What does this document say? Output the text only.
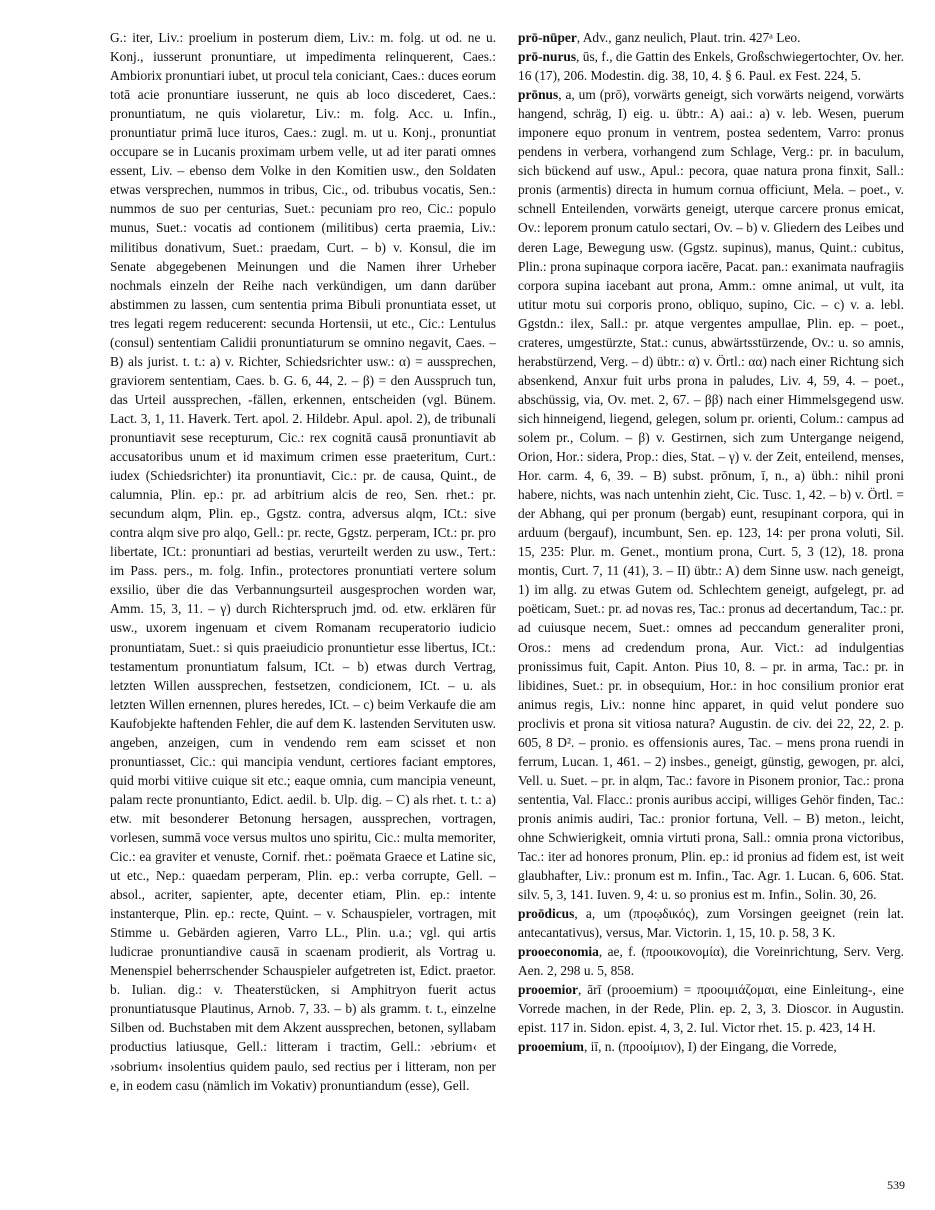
G.: iter, Liv.: proelium in posterum diem, Liv.: m. folg. ut od. ne u. Konj., iusserunt pronuntiare, ut impedimenta relinquerent, Caes.: Ambiorix pronuntiari iubet, ut procul tela coniciant, Caes.: duces eorum totā acie pronuntiare iusserunt, ne quis ab loco discederet, Caes.: pronuntiatum, ne quis violaretur, Liv.: m. folg. Acc. u. Infin., pronuntiatur primā luce ituros, Caes.: zugl. m. ut u. Konj., pronuntiat occupare se in Lucanis proximam urbem velle, ut ad iter parati omnes essent, Liv. – ebenso dem Volke in den Komitien usw., den Soldaten etwas versprechen, nummos in tribus, Cic., od. tribubus vocatis, Sen.: nummos de suo per centurias, Suet.: pecuniam pro reo, Cic.: populo munus, Suet.: vocatis ad contionem (militibus) certa praemia, Liv.: militibus donativum, Suet.: praedam, Curt. – b) v. Konsul, die im Senate abgegebenen Meinungen und die Namen ihrer Urheber nochmals einzeln der Reihe nach verkündigen, um dann darüber abstimmen zu lassen, cum sententia prima Bibuli pronuntiata esset, ut tres legati regem reducerent: secunda Hortensii, ut etc., Cic.: Lentulus (consul) sententiam Calidii pronuntiaturum se omnino negavit, Caes. – B) als jurist. t. t.: a) v. Richter, Schiedsrichter usw.: α) = aussprechen, graviorem sententiam, Caes. b. G. 6, 44, 2. – β) = den Ausspruch tun, das Urteil aussprechen, -fällen, erkennen, entscheiden (vgl. Bünem. Lact. 3, 1, 11. Haverk. Tert. apol. 2. Hildebr. Apul. apol. 2), de tribunali pronuntiavit sese recepturum, Cic.: rex cognitā causā pronuntiavit ab accusatoribus unum et id maximum crimen esse praeteritum, Curt.: iudex (Schiedsrichter) ita pronuntiavit, Cic.: pr. de causa, Quint., de calumnia, Plin. ep.: pr. ad arbitrium alcis de reo, Sen. rhet.: pr. secundum alqm, Plin. ep., Ggstz. contra, adversus alqm, ICt.: sive contra alqm sive pro alqo, Gell.: pr. recte, Ggstz. perperam, ICt.: pr. pro libertate, ICt.: pronuntiari ad bestias, verurteilt werden zu usw., Tert.: im Pass. pers., m. folg. Infin., protectores pronuntiati vertere solum exsilio, über die das Verbannungsurteil ausgesprochen worden war, Amm. 15, 3, 11. – γ) durch Richterspruch jmd. od. etw. erklären für usw., uxorem ingenuam et civem Romanam recuperatorio iudicio pronuntiatam, Suet.: si quis praeiudicio pronuntietur esse libertus, ICt.: testamentum pronuntiatum falsum, ICt. – b) etwas durch Vertrag, letzten Willen aussprechen, festsetzen, condicionem, ICt. – u. als letzten Willen ernennen, plures heredes, ICt. – c) beim Verkaufe die am Kaufobjekte haftenden Fehler, die auf dem K. lastenden Servituten usw. angeben, anzeigen, cum in vendendo rem eam scisset et non pronuntiasset, Cic.: qui mancipia vendunt, certiores faciant emptores, quid morbi vitiive cuique sit etc.; eaque omnia, cum mancipia veneunt, palam recte pronuntianto, Edict. aedil. b. Ulp. dig. – C) als rhet. t. t.: a) etw. mit besonderer Betonung hersagen, aussprechen, vortragen, vorlesen, summā voce versus multos uno spiritu, Cic.: multa memoriter, Cic.: ea graviter et venuste, Cornif. rhet.: poëmata Graece et Latine sic, ut etc., Nep.: quaedam perperam, Plin. ep.: verba corrupte, Gell. – absol., acriter, sapienter, apte, decenter etiam, Plin. ep.: intente instanterque, Plin. ep.: recte, Quint. – v. Schauspieler, vortragen, mit Stimme u. Gebärden agieren, Varro LL., Plin. u.a.; vgl. qui artis ludicrae pronuntiandive causā in scaenam prodierit, als Vortrag u. Menenspiel beherrschender Schauspieler aufgetreten ist, Edict. praetor. b. Iulian. dig.: v. Theaterstücken, si Amphitryon fuerit actus pronuntiatusque Plautinus, Arnob. 7, 33. – b) als gramm. t. t., einzelne Silben od. Buchstaben mit dem Akzent aussprechen, betonen, syllabam productius latiusque, Gell.: litteram i tractim, Gell.: ›ebrium‹ et ›sobrium‹ insolentius quidem paulo, sed rectius per i litteram, non per e, in eodem casu (nämlich im Vokativ) pronuntiandum (esse), Gell.

prō-nūper, Adv., ganz neulich, Plaut. trin. 427ᵃ Leo.

prō-nurus, ūs, f., die Gattin des Enkels, Großschwiegertochter, Ov. her. 16 (17), 206. Modestin. dig. 38, 10, 4. § 6. Paul. ex Fest. 224, 5.

prōnus, a, um (prō), vorwärts geneigt, sich vorwärts neigend, vorwärts hangend, schräg, I) eig. u. übtr.: A) aai.: a) v. leb. Wesen, puerum imponere equo pronum in ventrem, postea sedentem, Varro: pronus pendens in verbera, vorhangend zum Schlage, Verg.: pr. in baculum, sich bückend auf usw., Apul.: pecora, quae natura prona finxit, Sall.: pronis (armentis) directa in humum cornua officiunt, Mela. – poet., v. schnell Enteilenden, vorwärts geneigt, uterque carcere pronus emicat, Ov.: leporem pronum catulo sectari, Ov. – b) v. Gliedern des Leibes und deren Lage, Bewegung usw. (Ggstz. supinus), manus, Quint.: cubitus, Plin.: prona supinaque corpora iacēre, Pacat. pan.: exanimata naufragiis corpora supina iacebant aut prona, Amm.: omne animal, ut vult, ita utitur motu sui corporis prono, obliquo, supino, Cic. – c) v. a. lebl. Ggstdn.: ilex, Sall.: pr. atque vergentes ampullae, Plin. ep. – poet., crateres, umgestürzte, Stat.: cunus, abwärtsstürzende, Ov.: u. so amnis, herabstürzend, Verg. – d) übtr.: α) v. Örtl.: αα) nach einer Richtung sich absenkend, Anxur fuit urbs prona in paludes, Liv. 4, 59, 4. – poet., abschüssig, via, Ov. met. 2, 67. – ββ) nach einer Himmelsgegend usw. sich hinneigend, liegend, gelegen, solum pr. orienti, Colum.: campus ad solem pr., Colum. – β) v. Gestirnen, sich zum Untergange neigend, Orion, Hor.: sidera, Prop.: dies, Stat. – γ) v. der Zeit, enteilend, menses, Hor. carm. 4, 6, 39. – B) subst. prōnum, ī, n., a) übh.: nihil proni habere, nichts, was nach untenhin zieht, Cic. Tusc. 1, 42. – b) v. Örtl. = der Abhang, qui per pronum (bergab) eunt, resupinant corpora, qui in arduum (bergauf), incumbunt, Sen. ep. 123, 14: per prona voluti, Sil. 15, 235: Plur. m. Genet., montium prona, Curt. 5, 3 (12), 18. prona montis, Curt. 7, 11 (41), 3. – II) übtr.: A) dem Sinne usw. nach geneigt, 1) im allg. zu etwas Gutem od. Schlechtem geneigt, aufgelegt, pr. ad poëticam, Suet.: pr. ad novas res, Tac.: pronus ad decertandum, Tac.: pr. ad cuiusque necem, Suet.: omnes ad peccandum generaliter proni, Oros.: mens ad credendum prona, Aur. Vict.: ad indulgentias pronissimus fuit, Capit. Anton. Pius 10, 8. – pr. in arma, Tac.: pr. in libidines, Suet.: pr. in obsequium, Hor.: in hoc consilium pronior erat animus regis, Liv.: nonne hinc apparet, in quid velut pondere suo proclivis et prona sit vitiosa natura? Augustin. de civ. dei 22, 22, 2. p. 605, 8 D². – pronio. es offensionis aures, Tac. – mens prona ruendi in ferrum, Lucan. 1, 461. – 2) insbes., geneigt, günstig, gewogen, pr. alci, Vell. u. Suet. – pr. in alqm, Tac.: favore in Pisonem pronior, Tac.: prona sententia, Val. Flacc.: pronis auribus accipi, williges Gehör finden, Tac.: pronis animis audiri, Tac.: pronior fortuna, Vell. – B) meton., leicht, ohne Schwierigkeit, omnia virtuti prona, Sall.: omnia prona victoribus, Tac.: iter ad honores pronum, Plin. ep.: id pronius ad fidem est, ist weit glaubhafter, Liv.: pronum est m. Infin., Tac. Agr. 1. Lucan. 6, 606. Stat. silv. 5, 3, 141. Iuven. 9, 4: u. so pronius est m. Infin., Solin. 30, 26.

proōdicus, a, um (προῳδικός), zum Vorsingen geeignet (rein lat. antecantativus), versus, Mar. Victorin. 1, 15, 10. p. 58, 3 K.

prooeconomia, ae, f. (προοικονομία), die Voreinrichtung, Serv. Verg. Aen. 2, 298 u. 5, 858.

prooemior, ārī (prooemium) = προοιμιάζομαι, eine Einleitung-, eine Vorrede machen, in der Rede, Plin. ep. 2, 3, 3. Dioscor. in Augustin. epist. 117 in. Sidon. epist. 4, 3, 2. Iul. Victor rhet. 15. p. 423, 14 H.

prooemium, iī, n. (προοίμιον), I) der Eingang, die Vorrede,

539
